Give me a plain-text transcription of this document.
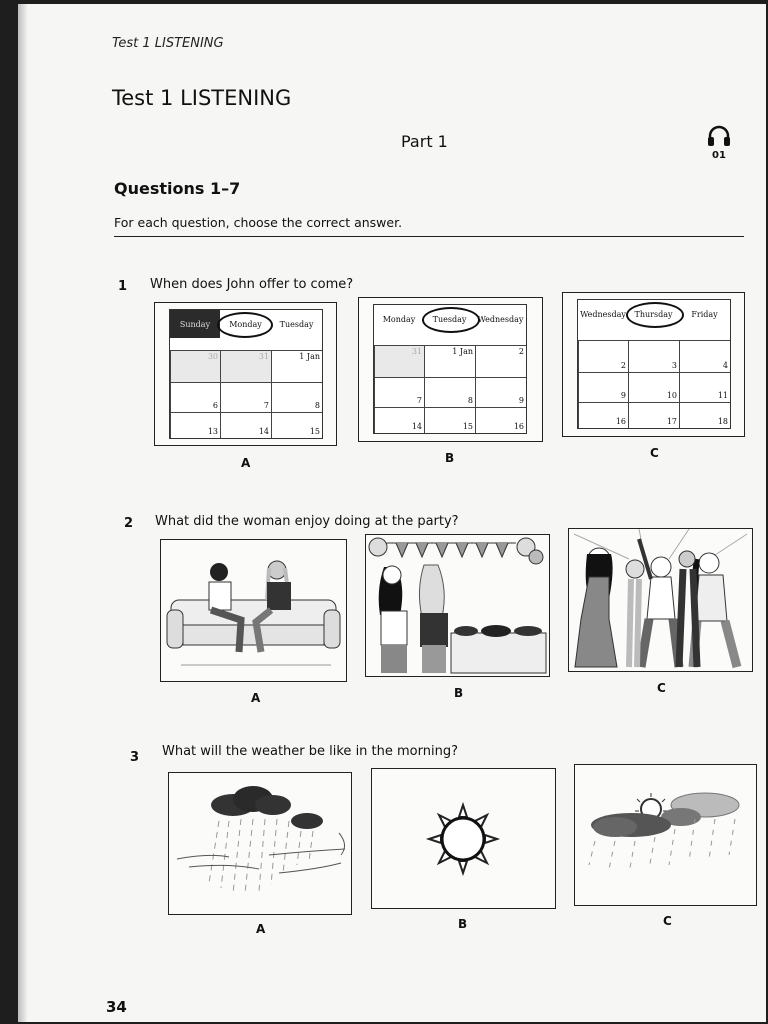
Test 1 LISTENING
Test 1 LISTENING
Part 1
01
Questions 1–7
For each question, choose the correct answer.
1 When does John offer to come?
Sunday	Monday	Tuesday
30	31	1 Jan
6	7	8
13	14	15
A
Monday	Tuesday	Wednesday
31	1 Jan	2
7	8	9
14	15	16
B
Wednesday	Thursday	Friday
2	3	4
9	10	11
16	17	18
C
2 What did the woman enjoy doing at the party?
A	B	C
3 What will the weather be like in the morning?
A	B	C
34
